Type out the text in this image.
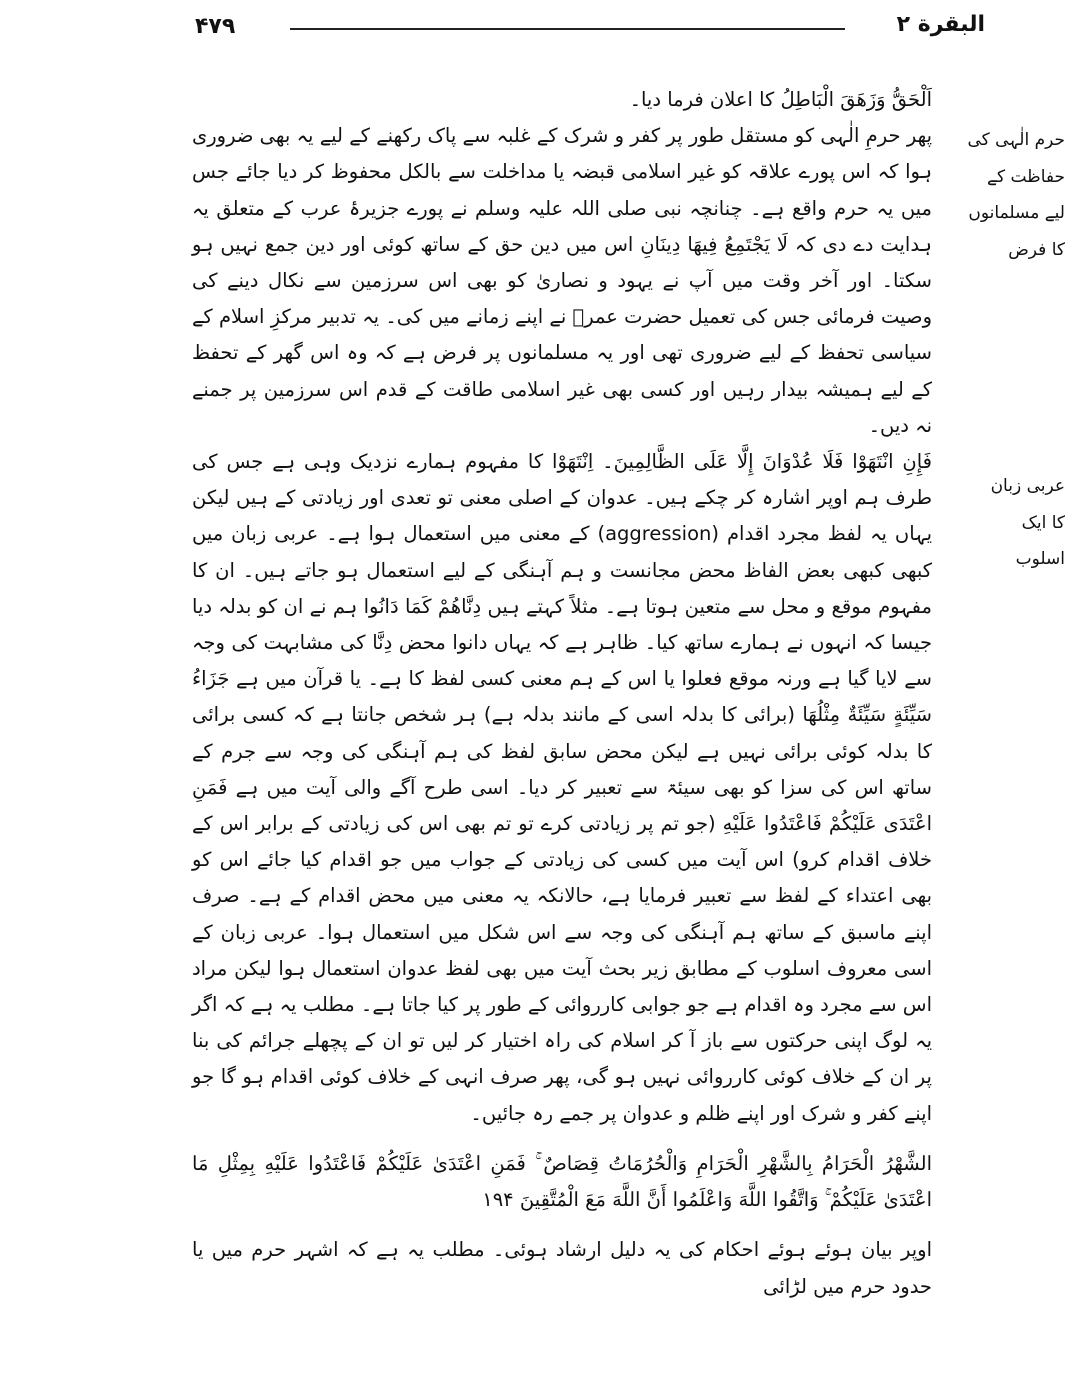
۴۷۹	البقرة ۲

اَلْحَقُّ وَزَهَقَ الْبَاطِلُ کا اعلان فرما دیا۔

پھر حرمِ الٰہی کو مستقل طور پر کفر و شرک کے غلبہ سے پاک رکھنے کے لیے یہ بھی ضروری ہوا کہ اس پورے علاقہ کو غیر اسلامی قبضہ یا مداخلت سے بالکل محفوظ کر دیا جائے جس میں یہ حرم واقع ہے۔ چنانچہ نبی صلی اللہ علیہ وسلم نے پورے جزیرۂ عرب کے متعلق یہ ہدایت دے دی کہ لَا يَجْتَمِعُ فِيهَا دِينَانِ اس میں دین حق کے ساتھ کوئی اور دین جمع نہیں ہو سکتا۔ اور آخر وقت میں آپ نے یہود و نصاریٰ کو بھی اس سرزمین سے نکال دینے کی وصیت فرمائی جس کی تعمیل حضرت عمرؓ نے اپنے زمانے میں کی۔ یہ تدبیر مرکزِ اسلام کے سیاسی تحفظ کے لیے ضروری تھی اور یہ مسلمانوں پر فرض ہے کہ وہ اس گھر کے تحفظ کے لیے ہمیشہ بیدار رہیں اور کسی بھی غیر اسلامی طاقت کے قدم اس سرزمین پر جمنے نہ دیں۔

فَإِنِ انْتَهَوْا فَلَا عُدْوَانَ إِلَّا عَلَى الظَّالِمِينَ۔ اِنْتَهَوْا کا مفہوم ہمارے نزدیک وہی ہے جس کی طرف ہم اوپر اشارہ کر چکے ہیں۔ عدوان کے اصلی معنی تو تعدی اور زیادتی کے ہیں لیکن یہاں یہ لفظ مجرد اقدام (aggression) کے معنی میں استعمال ہوا ہے۔ عربی زبان میں کبھی کبھی بعض الفاظ محض مجانست و ہم آہنگی کے لیے استعمال ہو جاتے ہیں۔ ان کا مفہوم موقع و محل سے متعین ہوتا ہے۔ مثلاً کہتے ہیں دِنَّاهُمْ كَمَا دَانُوا ہم نے ان کو بدلہ دیا جیسا کہ انہوں نے ہمارے ساتھ کیا۔ ظاہر ہے کہ یہاں دانوا محض دِنَّا کی مشابہت کی وجہ سے لایا گیا ہے ورنہ موقع فعلوا یا اس کے ہم معنی کسی لفظ کا ہے۔ یا قرآن میں ہے جَزَاءُ سَيِّئَةٍ سَيِّئَةٌ مِثْلُهَا (برائی کا بدلہ اسی کے مانند بدلہ ہے) ہر شخص جانتا ہے کہ کسی برائی کا بدلہ کوئی برائی نہیں ہے لیکن محض سابق لفظ کی ہم آہنگی کی وجہ سے جرم کے ساتھ اس کی سزا کو بھی سیئۃ سے تعبیر کر دیا۔ اسی طرح آگے والی آیت میں ہے فَمَنِ اعْتَدَى عَلَيْكُمْ فَاعْتَدُوا عَلَيْهِ (جو تم پر زیادتی کرے تو تم بھی اس کی زیادتی کے برابر اس کے خلاف اقدام کرو) اس آیت میں کسی کی زیادتی کے جواب میں جو اقدام کیا جائے اس کو بھی اعتداء کے لفظ سے تعبیر فرمایا ہے، حالانکہ یہ معنی میں محض اقدام کے ہے۔ صرف اپنے ماسبق کے ساتھ ہم آہنگی کی وجہ سے اس شکل میں استعمال ہوا۔ عربی زبان کے اسی معروف اسلوب کے مطابق زیر بحث آیت میں بھی لفظ عدوان استعمال ہوا لیکن مراد اس سے مجرد وہ اقدام ہے جو جوابی کارروائی کے طور پر کیا جاتا ہے۔ مطلب یہ ہے کہ اگر یہ لوگ اپنی حرکتوں سے باز آ کر اسلام کی راہ اختیار کر لیں تو ان کے پچھلے جرائم کی بنا پر ان کے خلاف کوئی کارروائی نہیں ہو گی، پھر صرف انہی کے خلاف کوئی اقدام ہو گا جو اپنے کفر و شرک اور اپنے ظلم و عدوان پر جمے رہ جائیں۔

الشَّهْرُ الْحَرَامُ بِالشَّهْرِ الْحَرَامِ وَالْحُرُمَاتُ قِصَاصٌ ۚ فَمَنِ اعْتَدَىٰ عَلَيْكُمْ فَاعْتَدُوا عَلَيْهِ بِمِثْلِ مَا اعْتَدَىٰ عَلَيْكُمْ ۚ وَاتَّقُوا اللَّهَ وَاعْلَمُوا أَنَّ اللَّهَ مَعَ الْمُتَّقِينَ ۱۹۴

اوپر بیان ہوئے ہوئے احکام کی یہ دلیل ارشاد ہوئی۔ مطلب یہ ہے کہ اشہر حرم میں یا حدود حرم میں لڑائی

حرم الٰہی کی
حفاظت کے
لیے مسلمانوں
کا فرض
عربی زبان
کا ایک
اسلوب
